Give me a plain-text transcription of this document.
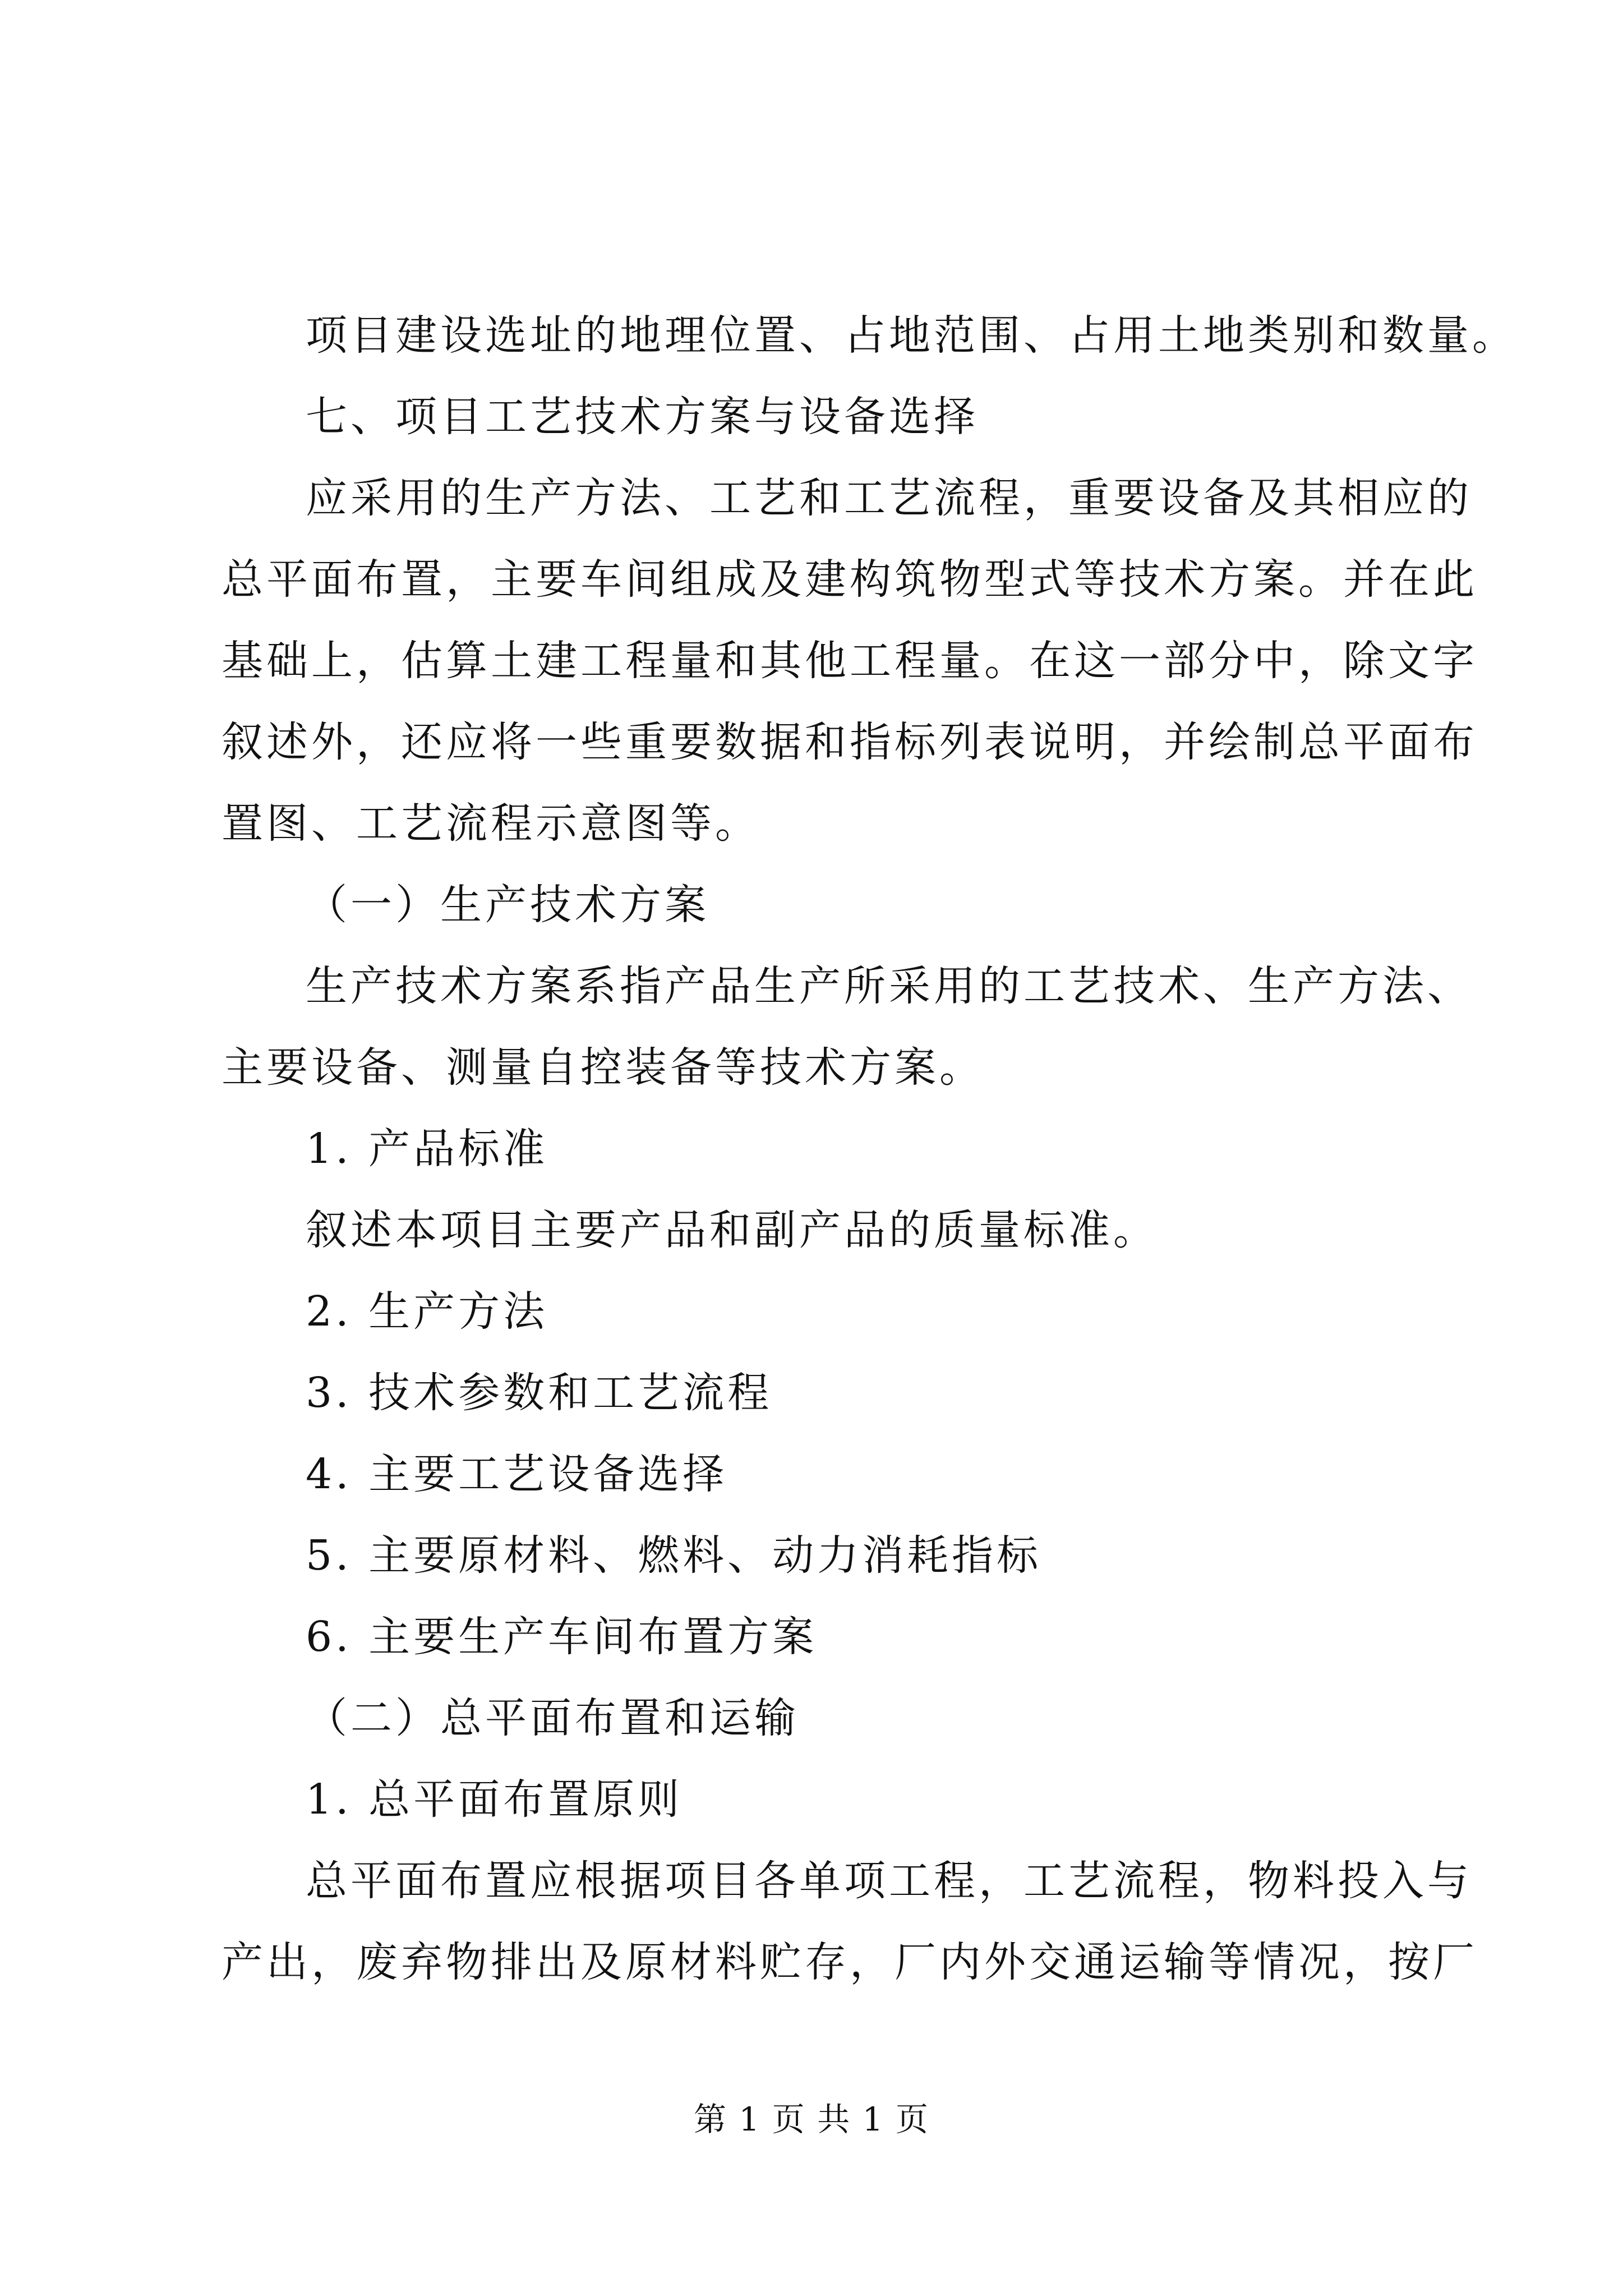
项目建设选址的地理位置、占地范围、占用土地类别和数量。
七、项目工艺技术方案与设备选择
应采用的生产方法、工艺和工艺流程，重要设备及其相应的
总平面布置，主要车间组成及建构筑物型式等技术方案。并在此
基础上，估算土建工程量和其他工程量。在这一部分中，除文字
叙述外，还应将一些重要数据和指标列表说明，并绘制总平面布
置图、工艺流程示意图等。
（一）生产技术方案
生产技术方案系指产品生产所采用的工艺技术、生产方法、
主要设备、测量自控装备等技术方案。
1. 产品标准
叙述本项目主要产品和副产品的质量标准。
2. 生产方法
3. 技术参数和工艺流程
4. 主要工艺设备选择
5. 主要原材料、燃料、动力消耗指标
6. 主要生产车间布置方案
（二）总平面布置和运输
1. 总平面布置原则
总平面布置应根据项目各单项工程，工艺流程，物料投入与
产出，废弃物排出及原材料贮存，厂内外交通运输等情况，按厂
第 1 页 共 1 页
